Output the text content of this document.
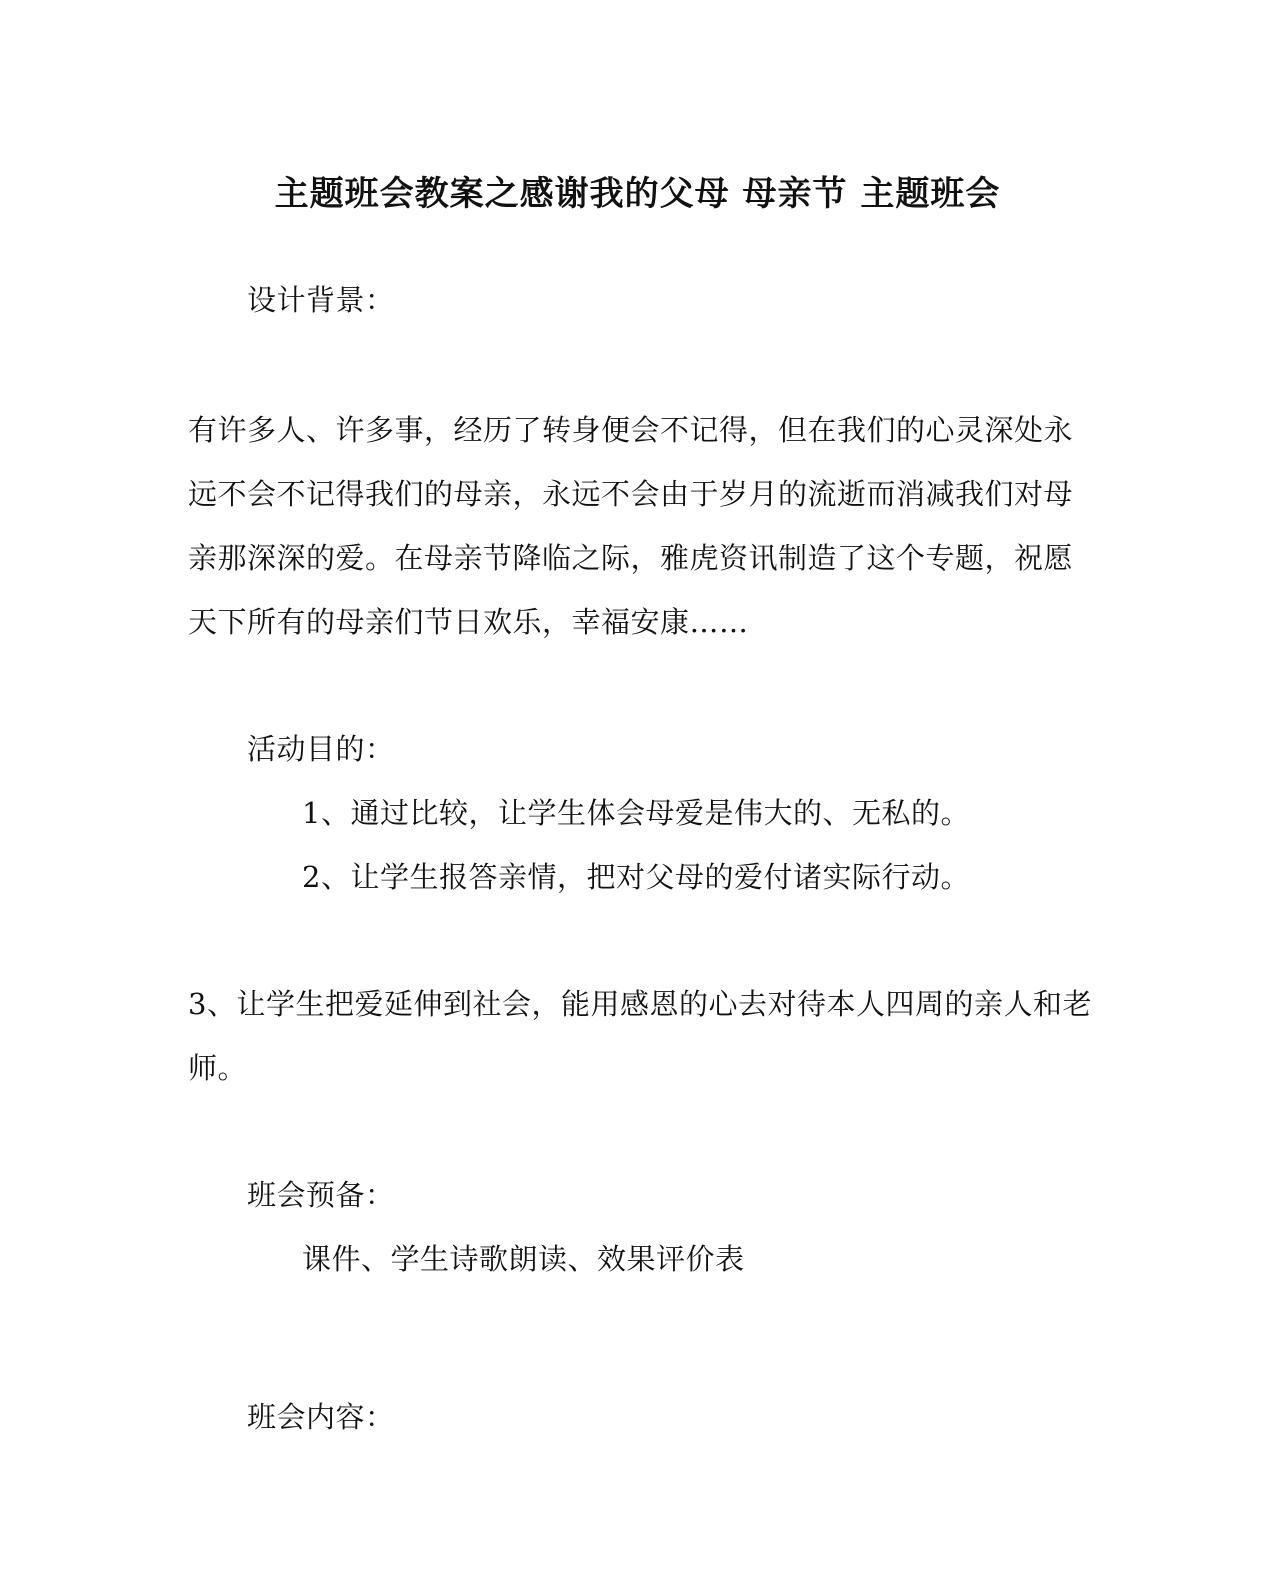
主题班会教案之感谢我的父母 母亲节 主题班会
设计背景：
有许多人、许多事，经历了转身便会不记得，但在我们的心灵深处永
远不会不记得我们的母亲，永远不会由于岁月的流逝而消减我们对母
亲那深深的爱。在母亲节降临之际，雅虎资讯制造了这个专题，祝愿
天下所有的母亲们节日欢乐，幸福安康……
活动目的：
1、通过比较，让学生体会母爱是伟大的、无私的。
2、让学生报答亲情，把对父母的爱付诸实际行动。
3、让学生把爱延伸到社会，能用感恩的心去对待本人四周的亲人和老
师。
班会预备：
课件、学生诗歌朗读、效果评价表
班会内容：
